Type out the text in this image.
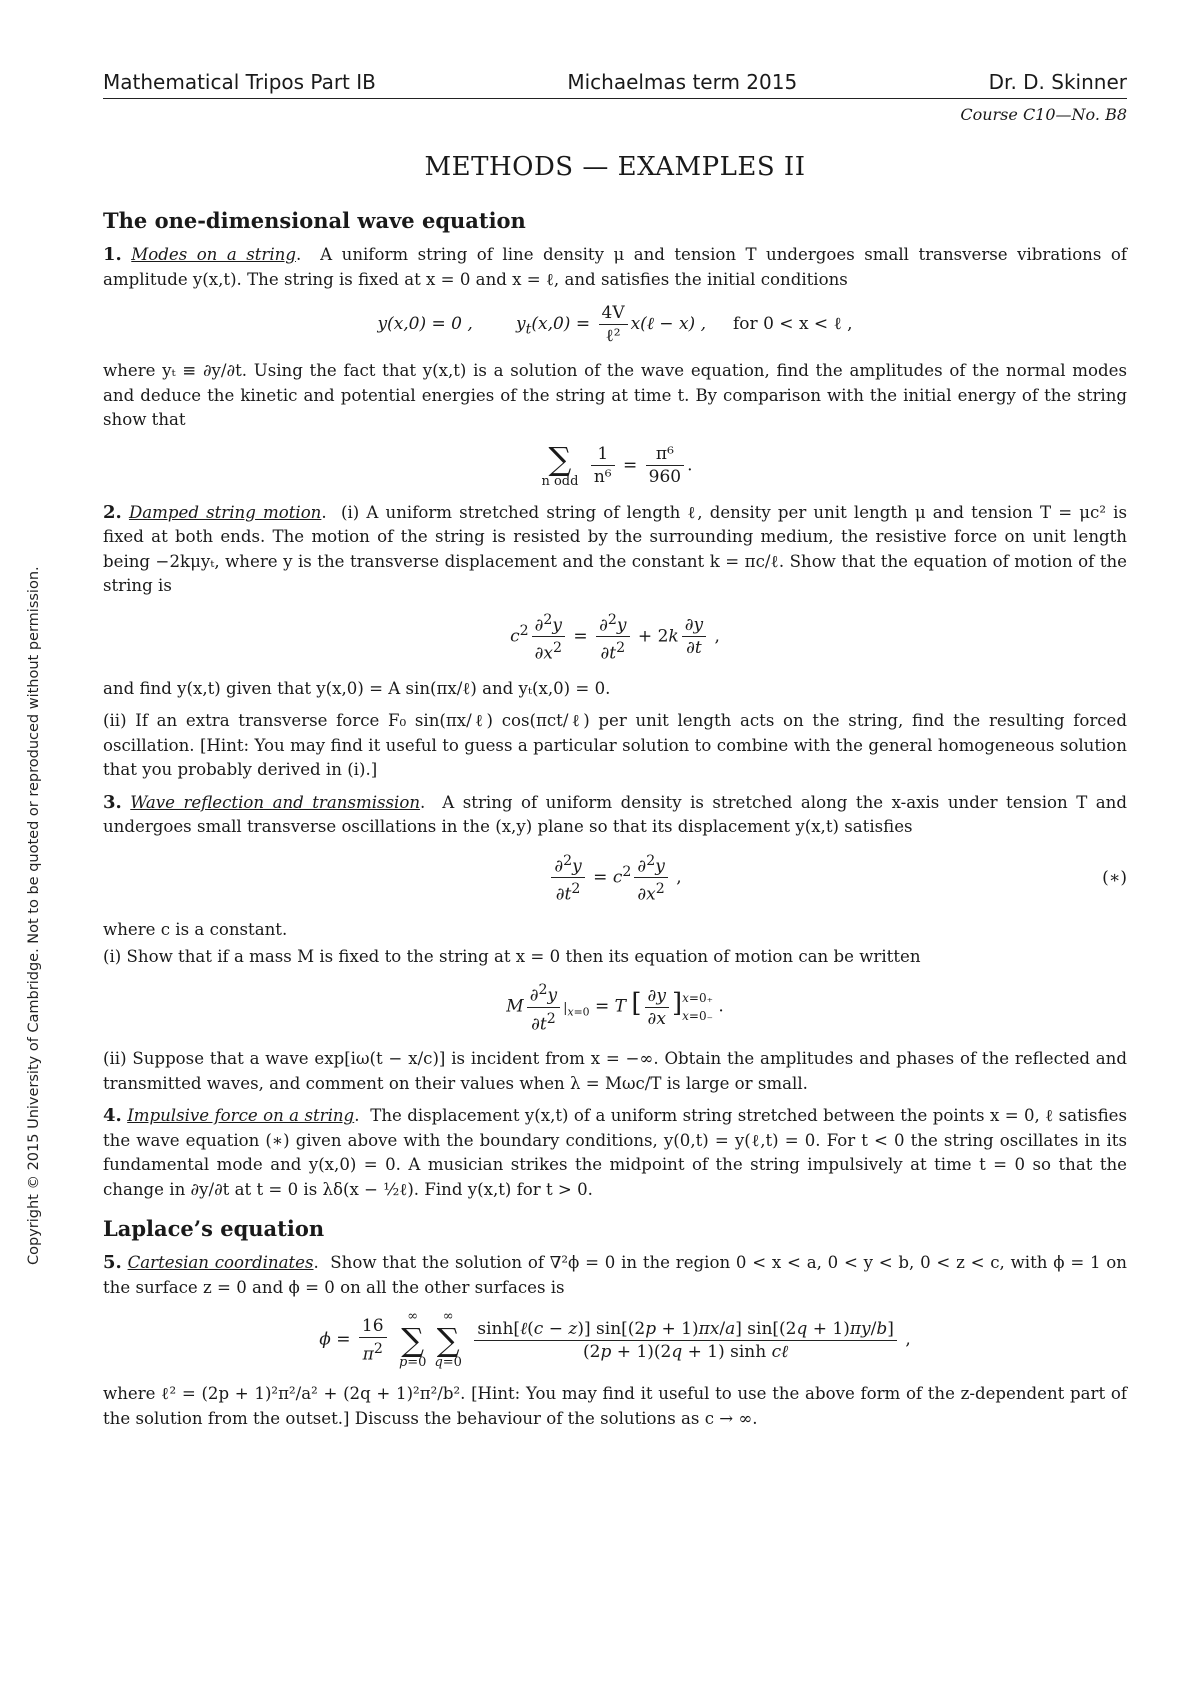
Copyright © 2015 University of Cambridge. Not to be quoted or reproduced without permission.
Mathematical Tripos Part IB	Michaelmas term 2015	Dr. D. Skinner
Course C10—No. B8
METHODS — EXAMPLES II
The one-dimensional wave equation

1. Modes on a string.  A uniform string of line density μ and tension T undergoes small transverse vibrations of amplitude y(x,t). The string is fixed at x = 0 and x = ℓ, and satisfies the initial conditions

y(x,0) = 0 ,	$y_t(x,0) = \frac{4V}{\text{ℓ²}}$ x(ℓ − x) , for 0 < x < ℓ ,

where yₜ ≡ ∂y/∂t. Using the fact that y(x,t) is a solution of the wave equation, find the amplitudes of the normal modes and deduce the kinetic and potential energies of the string at time t. By comparison with the initial energy of the string show that

∑
n odd
$\frac{1}{\text{n⁶}} = \frac{\text{π⁶}}{960}$ .

2. Damped string motion.  (i) A uniform stretched string of length ℓ, density per unit length μ and tension T = μc² is fixed at both ends. The motion of the string is resisted by the surrounding medium, the resistive force on unit length being −2kμyₜ, where y is the transverse displacement and the constant k = πc/ℓ. Show that the equation of motion of the string is

$c^2 \frac{\partial^2y}{\partial x^2} = \frac{\partial^2y}{\partial t^2} + 2k \frac{\partial y}{\partial t}$ ,

and find y(x,t) given that y(x,0) = A sin(πx/ℓ) and yₜ(x,0) = 0.

(ii) If an extra transverse force F₀ sin(πx/ℓ) cos(πct/ℓ) per unit length acts on the string, find the resulting forced oscillation. [Hint: You may find it useful to guess a particular solution to combine with the general homogeneous solution that you probably derived in (i).]

3. Wave reflection and transmission.  A string of uniform density is stretched along the x-axis under tension T and undergoes small transverse oscillations in the (x,y) plane so that its displacement y(x,t) satisfies

$\frac{\partial^2y}{\partial t^2} = c^2 \frac{\partial^2y}{\partial x^2}$ ,	(∗)

where c is a constant.

(i) Show that if a mass M is fixed to the string at x = 0 then its equation of motion can be written

M $\frac{\partial^2y}{\partial t^2} |_{x=0} = T$ [ $\frac{\partial y}{\partial x} ]x=0_+$
x=0₋ .

(ii) Suppose that a wave exp[iω(t − x/c)] is incident from x = −∞. Obtain the amplitudes and phases of the reflected and transmitted waves, and comment on their values when λ = Mωc/T is large or small.

4. Impulsive force on a string.  The displacement y(x,t) of a uniform string stretched between the points x = 0, ℓ satisfies the wave equation (∗) given above with the boundary conditions, y(0,t) = y(ℓ,t) = 0. For t < 0 the string oscillates in its fundamental mode and y(x,0) = 0. A musician strikes the midpoint of the string impulsively at time t = 0 so that the change in ∂y/∂t at t = 0 is λδ(x − ½ℓ). Find y(x,t) for t > 0.

Laplace’s equation

5. Cartesian coordinates.  Show that the solution of ∇²ϕ = 0 in the region 0 < x < a, 0 < y < b, 0 < z < c, with ϕ = 1 on the surface z = 0 and ϕ = 0 on all the other surfaces is

$\phi = \frac{16}{\pi^2}$
	∞
∑
p=0
∞
∑
q=0
$\frac{\text{sinh[ℓ(c − z)] sin[(2p + 1)πx/a] sin[(2q + 1)πy/b]}}{\text{(2p + 1)(2q + 1) sinh cℓ}}$ ,

where ℓ² = (2p + 1)²π²/a² + (2q + 1)²π²/b². [Hint: You may find it useful to use the above form of the z-dependent part of the solution from the outset.] Discuss the behaviour of the solutions as c → ∞.
